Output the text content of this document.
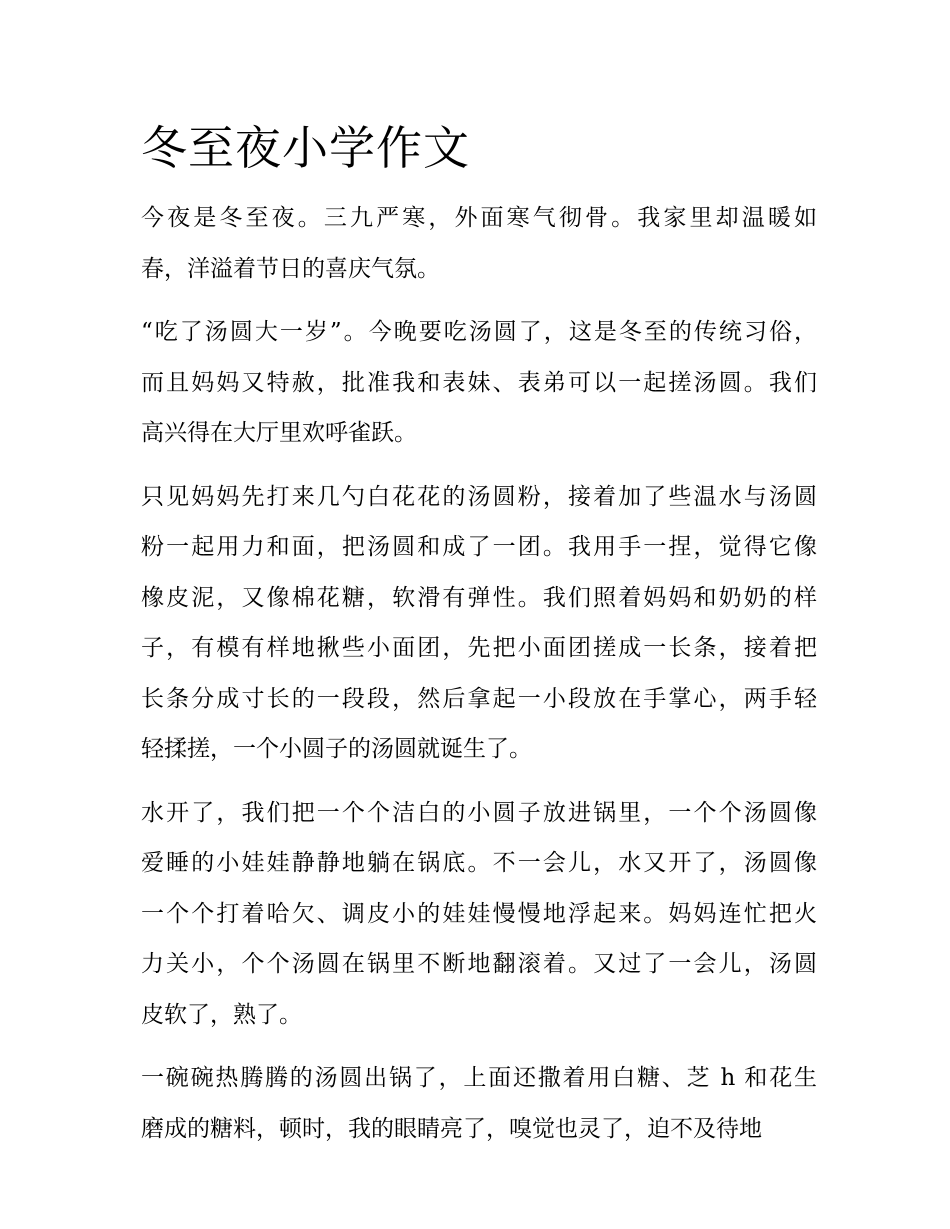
冬至夜小学作文

今夜是冬至夜。三九严寒，外面寒气彻骨。我家里却温暖如
春，洋溢着节日的喜庆气氛。

“吃了汤圆大一岁”。今晚要吃汤圆了，这是冬至的传统习俗，
而且妈妈又特赦，批准我和表妹、表弟可以一起搓汤圆。我们
高兴得在大厅里欢呼雀跃。

只见妈妈先打来几勺白花花的汤圆粉，接着加了些温水与汤圆
粉一起用力和面，把汤圆和成了一团。我用手一捏，觉得它像
橡皮泥，又像棉花糖，软滑有弹性。我们照着妈妈和奶奶的样
子，有模有样地揪些小面团，先把小面团搓成一长条，接着把
长条分成寸长的一段段，然后拿起一小段放在手掌心，两手轻
轻揉搓，一个小圆子的汤圆就诞生了。

水开了，我们把一个个洁白的小圆子放进锅里，一个个汤圆像
爱睡的小娃娃静静地躺在锅底。不一会儿，水又开了，汤圆像
一个个打着哈欠、调皮小的娃娃慢慢地浮起来。妈妈连忙把火
力关小，个个汤圆在锅里不断地翻滚着。又过了一会儿，汤圆
皮软了，熟了。

一碗碗热腾腾的汤圆出锅了，上面还撒着用白糖、芝 h 和花生
磨成的糖料，顿时，我的眼睛亮了，嗅觉也灵了，迫不及待地
